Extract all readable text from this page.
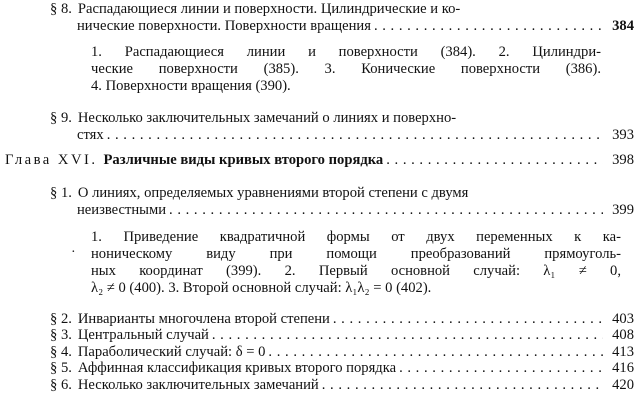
§ 8. Распадающиеся линии и поверхности. Цилиндрические и ко-
нические поверхности. Поверхности вращения . . .	384
1. Распадающиеся линии и поверхности (384). 2. Цилиндри-
ческие поверхности (385). 3. Конические поверхности (386).
4. Поверхности вращения (390).
§ 9. Несколько заключительных замечаний о линиях и поверхно-
стях . . .	393
Глава XVI. Различные виды кривых второго порядка . . .	398
§ 1. О линиях, определяемых уравнениями второй степени с двумя
неизвестными . . .	399
·
1. Приведение квадратичной формы от двух переменных к ка-
ноническому виду при помощи преобразований прямоуголь-
ных координат (399). 2. Первый основной случай: λ₁ ≠ 0,
λ₂ ≠ 0 (400). 3. Второй основной случай: λ₁λ₂ = 0 (402).
§ 2. Инварианты многочлена второй степени . . .	403
§ 3. Центральный случай . . .	408
§ 4. Параболический случай: δ = 0 . . .	413
§ 5. Аффинная классификация кривых второго порядка . . .	416
§ 6. Несколько заключительных замечаний . . .	420
